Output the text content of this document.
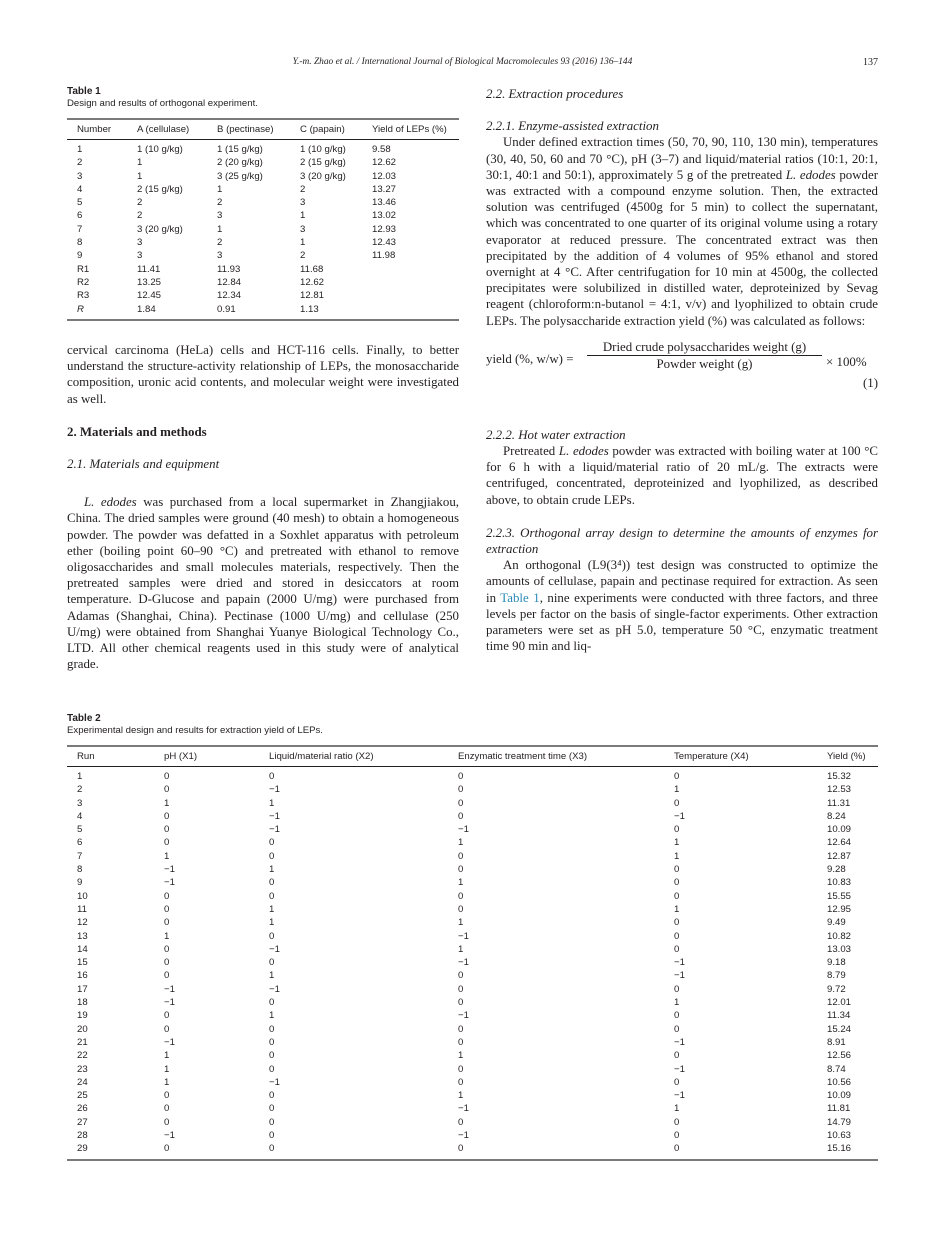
Y.-m. Zhao et al. / International Journal of Biological Macromolecules 93 (2016) 136–144	137
Table 1
Design and results of orthogonal experiment.
Number	A (cellulase)	B (pectinase)	C (papain)	Yield of LEPs (%)
1	1 (10 g/kg)	1 (15 g/kg)	1 (10 g/kg)	9.58
2	1	2 (20 g/kg)	2 (15 g/kg)	12.62
3	1	3 (25 g/kg)	3 (20 g/kg)	12.03
4	2 (15 g/kg)	1	2	13.27
5	2	2	3	13.46
6	2	3	1	13.02
7	3 (20 g/kg)	1	3	12.93
8	3	2	1	12.43
9	3	3	2	11.98
R1	11.41	11.93	11.68
R2	13.25	12.84	12.62
R3	12.45	12.34	12.81
R	1.84	0.91	1.13

cervical carcinoma (HeLa) cells and HCT-116 cells. Finally, to better understand the structure-activity relationship of LEPs, the monosaccharide composition, uronic acid contents, and molecular weight were investigated as well.

2. Materials and methods
2.1. Materials and equipment

L. edodes was purchased from a local supermarket in Zhangjiakou, China. The dried samples were ground (40 mesh) to obtain a homogeneous powder. The powder was defatted in a Soxhlet apparatus with petroleum ether (boiling point 60–90 °C) and pretreated with ethanol to remove oligosaccharides and small molecules materials, respectively. Then the pretreated samples were dried and stored in desiccators at room temperature. D-Glucose and papain (2000 U/mg) were purchased from Adamas (Shanghai, China). Pectinase (1000 U/mg) and cellulase (250 U/mg) were obtained from Shanghai Yuanye Biological Technology Co., LTD. All other chemical reagents used in this study were of analytical grade.

2.2. Extraction procedures
2.2.1. Enzyme-assisted extraction

Under defined extraction times (50, 70, 90, 110, 130 min), temperatures (30, 40, 50, 60 and 70 °C), pH (3–7) and liquid/material ratios (10:1, 20:1, 30:1, 40:1 and 50:1), approximately 5 g of the pretreated L. edodes powder was extracted with a compound enzyme solution. Then, the extracted solution was centrifuged (4500g for 5 min) to collect the supernatant, which was concentrated to one quarter of its original volume using a rotary evaporator at reduced pressure. The concentrated extract was then precipitated by the addition of 4 volumes of 95% ethanol and stored overnight at 4 °C. After centrifugation for 10 min at 4500g, the collected precipitates were solubilized in distilled water, deproteinized by Sevag reagent (chloroform:n-butanol = 4:1, v/v) and lyophilized to obtain crude LEPs. The polysaccharide extraction yield (%) was calculated as follows:

yield (%, w/w) =
Dried crude polysaccharides weight (g)
Powder weight (g)	× 100%
(1)
2.2.2. Hot water extraction

Pretreated L. edodes powder was extracted with boiling water at 100 °C for 6 h with a liquid/material ratio of 20 mL/g. The extracts were centrifuged, concentrated, deproteinized and lyophilized, as described above, to obtain crude LEPs.

2.2.3. Orthogonal array design to determine the amounts of enzymes for extraction

An orthogonal (L9(3⁴)) test design was constructed to optimize the amounts of cellulase, papain and pectinase required for extraction. As seen in Table 1, nine experiments were conducted with three factors, and three levels per factor on the basis of single-factor experiments. Other extraction parameters were set as pH 5.0, temperature 50 °C, enzymatic treatment time 90 min and liq-

Table 2
Experimental design and results for extraction yield of LEPs.
Run	pH (X1)	Liquid/material ratio (X2)	Enzymatic treatment time (X3)	Temperature (X4)	Yield (%)
1	0	0	0	0	15.32
2	0	−1	0	1	12.53
3	1	1	0	0	11.31
4	0	−1	0	−1	8.24
5	0	−1	−1	0	10.09
6	0	0	1	1	12.64
7	1	0	0	1	12.87
8	−1	1	0	0	9.28
9	−1	0	1	0	10.83
10	0	0	0	0	15.55
11	0	1	0	1	12.95
12	0	1	1	0	9.49
13	1	0	−1	0	10.82
14	0	−1	1	0	13.03
15	0	0	−1	−1	9.18
16	0	1	0	−1	8.79
17	−1	−1	0	0	9.72
18	−1	0	0	1	12.01
19	0	1	−1	0	11.34
20	0	0	0	0	15.24
21	−1	0	0	−1	8.91
22	1	0	1	0	12.56
23	1	0	0	−1	8.74
24	1	−1	0	0	10.56
25	0	0	1	−1	10.09
26	0	0	−1	1	11.81
27	0	0	0	0	14.79
28	−1	0	−1	0	10.63
29	0	0	0	0	15.16
